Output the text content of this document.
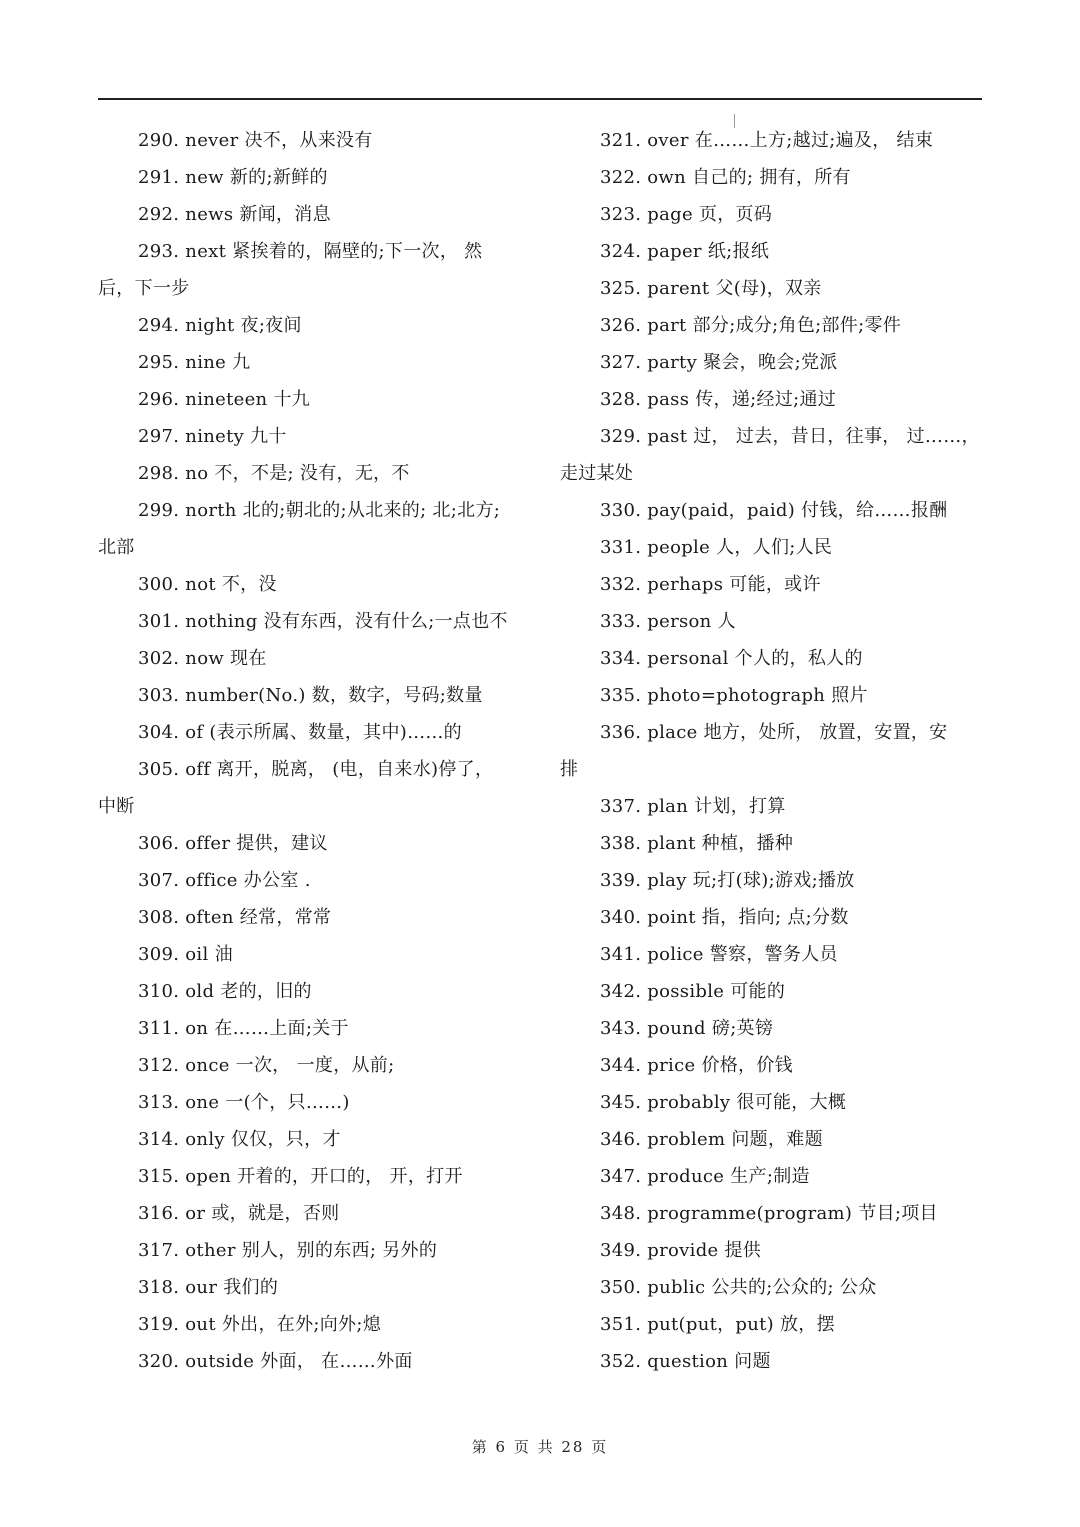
290. never 决不，从来没有
291. new 新的;新鲜的
292. news 新闻，消息
293. next 紧挨着的，隔壁的;下一次， 然
后，下一步
294. night 夜;夜间
295. nine 九
296. nineteen 十九
297. ninety 九十
298. no 不，不是; 没有，无，不
299. north 北的;朝北的;从北来的; 北;北方;
北部
300. not 不，没
301. nothing 没有东西，没有什么;一点也不
302. now 现在
303. number(No.) 数，数字，号码;数量
304. of (表示所属、数量，其中)……的
305. off 离开，脱离， (电，自来水)停了，
中断
306. offer 提供，建议
307. office 办公室 .
308. often 经常，常常
309. oil 油
310. old 老的，旧的
311. on 在……上面;关于
312. once 一次， 一度，从前;
313. one 一(个，只……)
314. only 仅仅，只，才
315. open 开着的，开口的， 开，打开
316. or 或，就是，否则
317. other 别人，别的东西; 另外的
318. our 我们的
319. out 外出，在外;向外;熄
320. outside 外面， 在……外面
321. over 在……上方;越过;遍及， 结束
322. own 自己的; 拥有，所有
323. page 页，页码
324. paper 纸;报纸
325. parent 父(母)，双亲
326. part 部分;成分;角色;部件;零件
327. party 聚会，晚会;党派
328. pass 传，递;经过;通过
329. past 过， 过去，昔日，往事， 过……，
走过某处
330. pay(paid，paid) 付钱，给……报酬
331. people 人，人们;人民
332. perhaps 可能，或许
333. person 人
334. personal 个人的，私人的
335. photo=photograph 照片
336. place 地方，处所， 放置，安置，安
排
337. plan 计划，打算
338. plant 种植，播种
339. play 玩;打(球);游戏;播放
340. point 指，指向; 点;分数
341. police 警察，警务人员
342. possible 可能的
343. pound 磅;英镑
344. price 价格，价钱
345. probably 很可能，大概
346. problem 问题，难题
347. produce 生产;制造
348. programme(program) 节目;项目
349. provide 提供
350. public 公共的;公众的; 公众
351. put(put，put) 放，摆
352. question 问题
第 6 页 共 28 页
